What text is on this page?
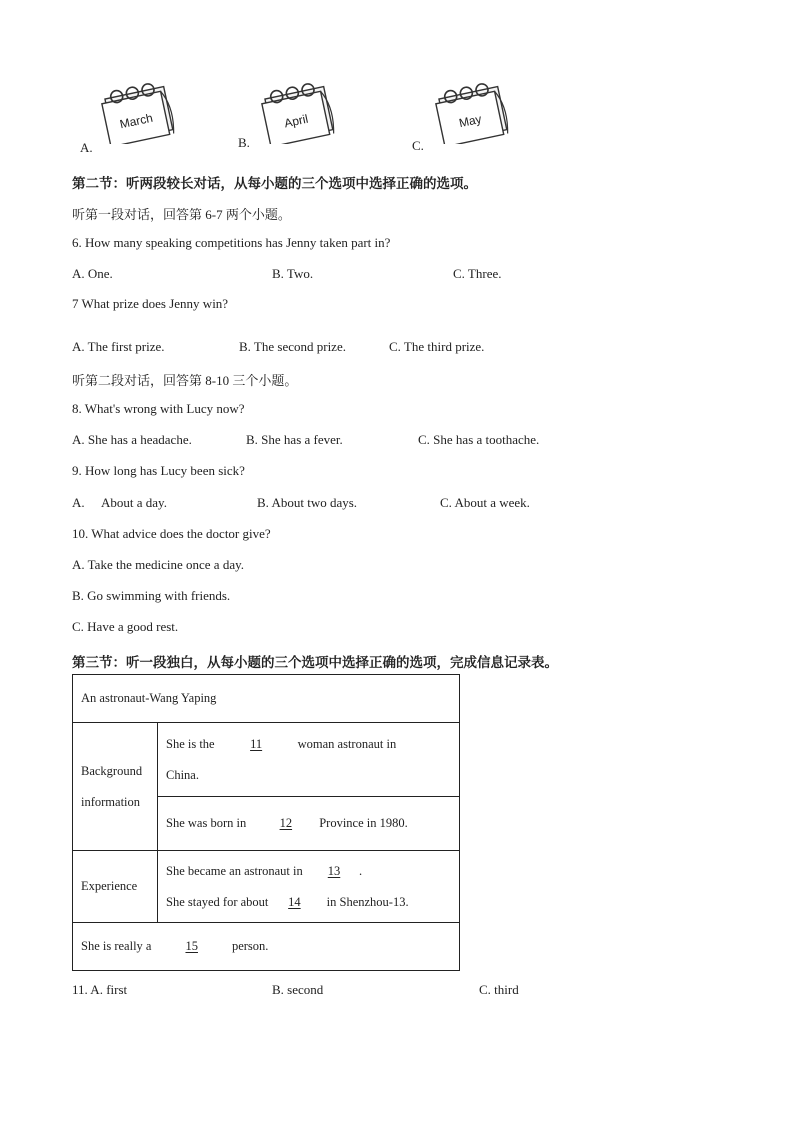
March
A.
April
B.
May
C.
第二节：听两段较长对话，从每小题的三个选项中选择正确的选项。
听第一段对话，回答第 6-7 两个小题。
6. How many speaking competitions has Jenny taken part in?
A. One.	B. Two.	C. Three.
7 What prize does Jenny win?
A. The first prize.	B. The second prize.	C. The third prize.
听第二段对话，回答第 8-10 三个小题。
8. What's wrong with Lucy now?
A. She has a headache.	B. She has a fever.	C. She has a toothache.
9. How long has Lucy been sick?
A. About a day.	B. About two days.	C. About a week.
10. What advice does the doctor give?
A. Take the medicine once a day.
B. Go swimming with friends.
C. Have a good rest.
第三节：听一段独白，从每小题的三个选项中选择正确的选项，完成信息记录表。
An astronaut-Wang Yaping	
Background
information	She is the 11 woman astronaut in
China.
	She was born in 12 Province in 1980.
Experience	She became an astronaut in 13 .
She stayed for about 14 in Shenzhou-13.
She is really a 15 person.	
11. A. first	B. second	C. third
